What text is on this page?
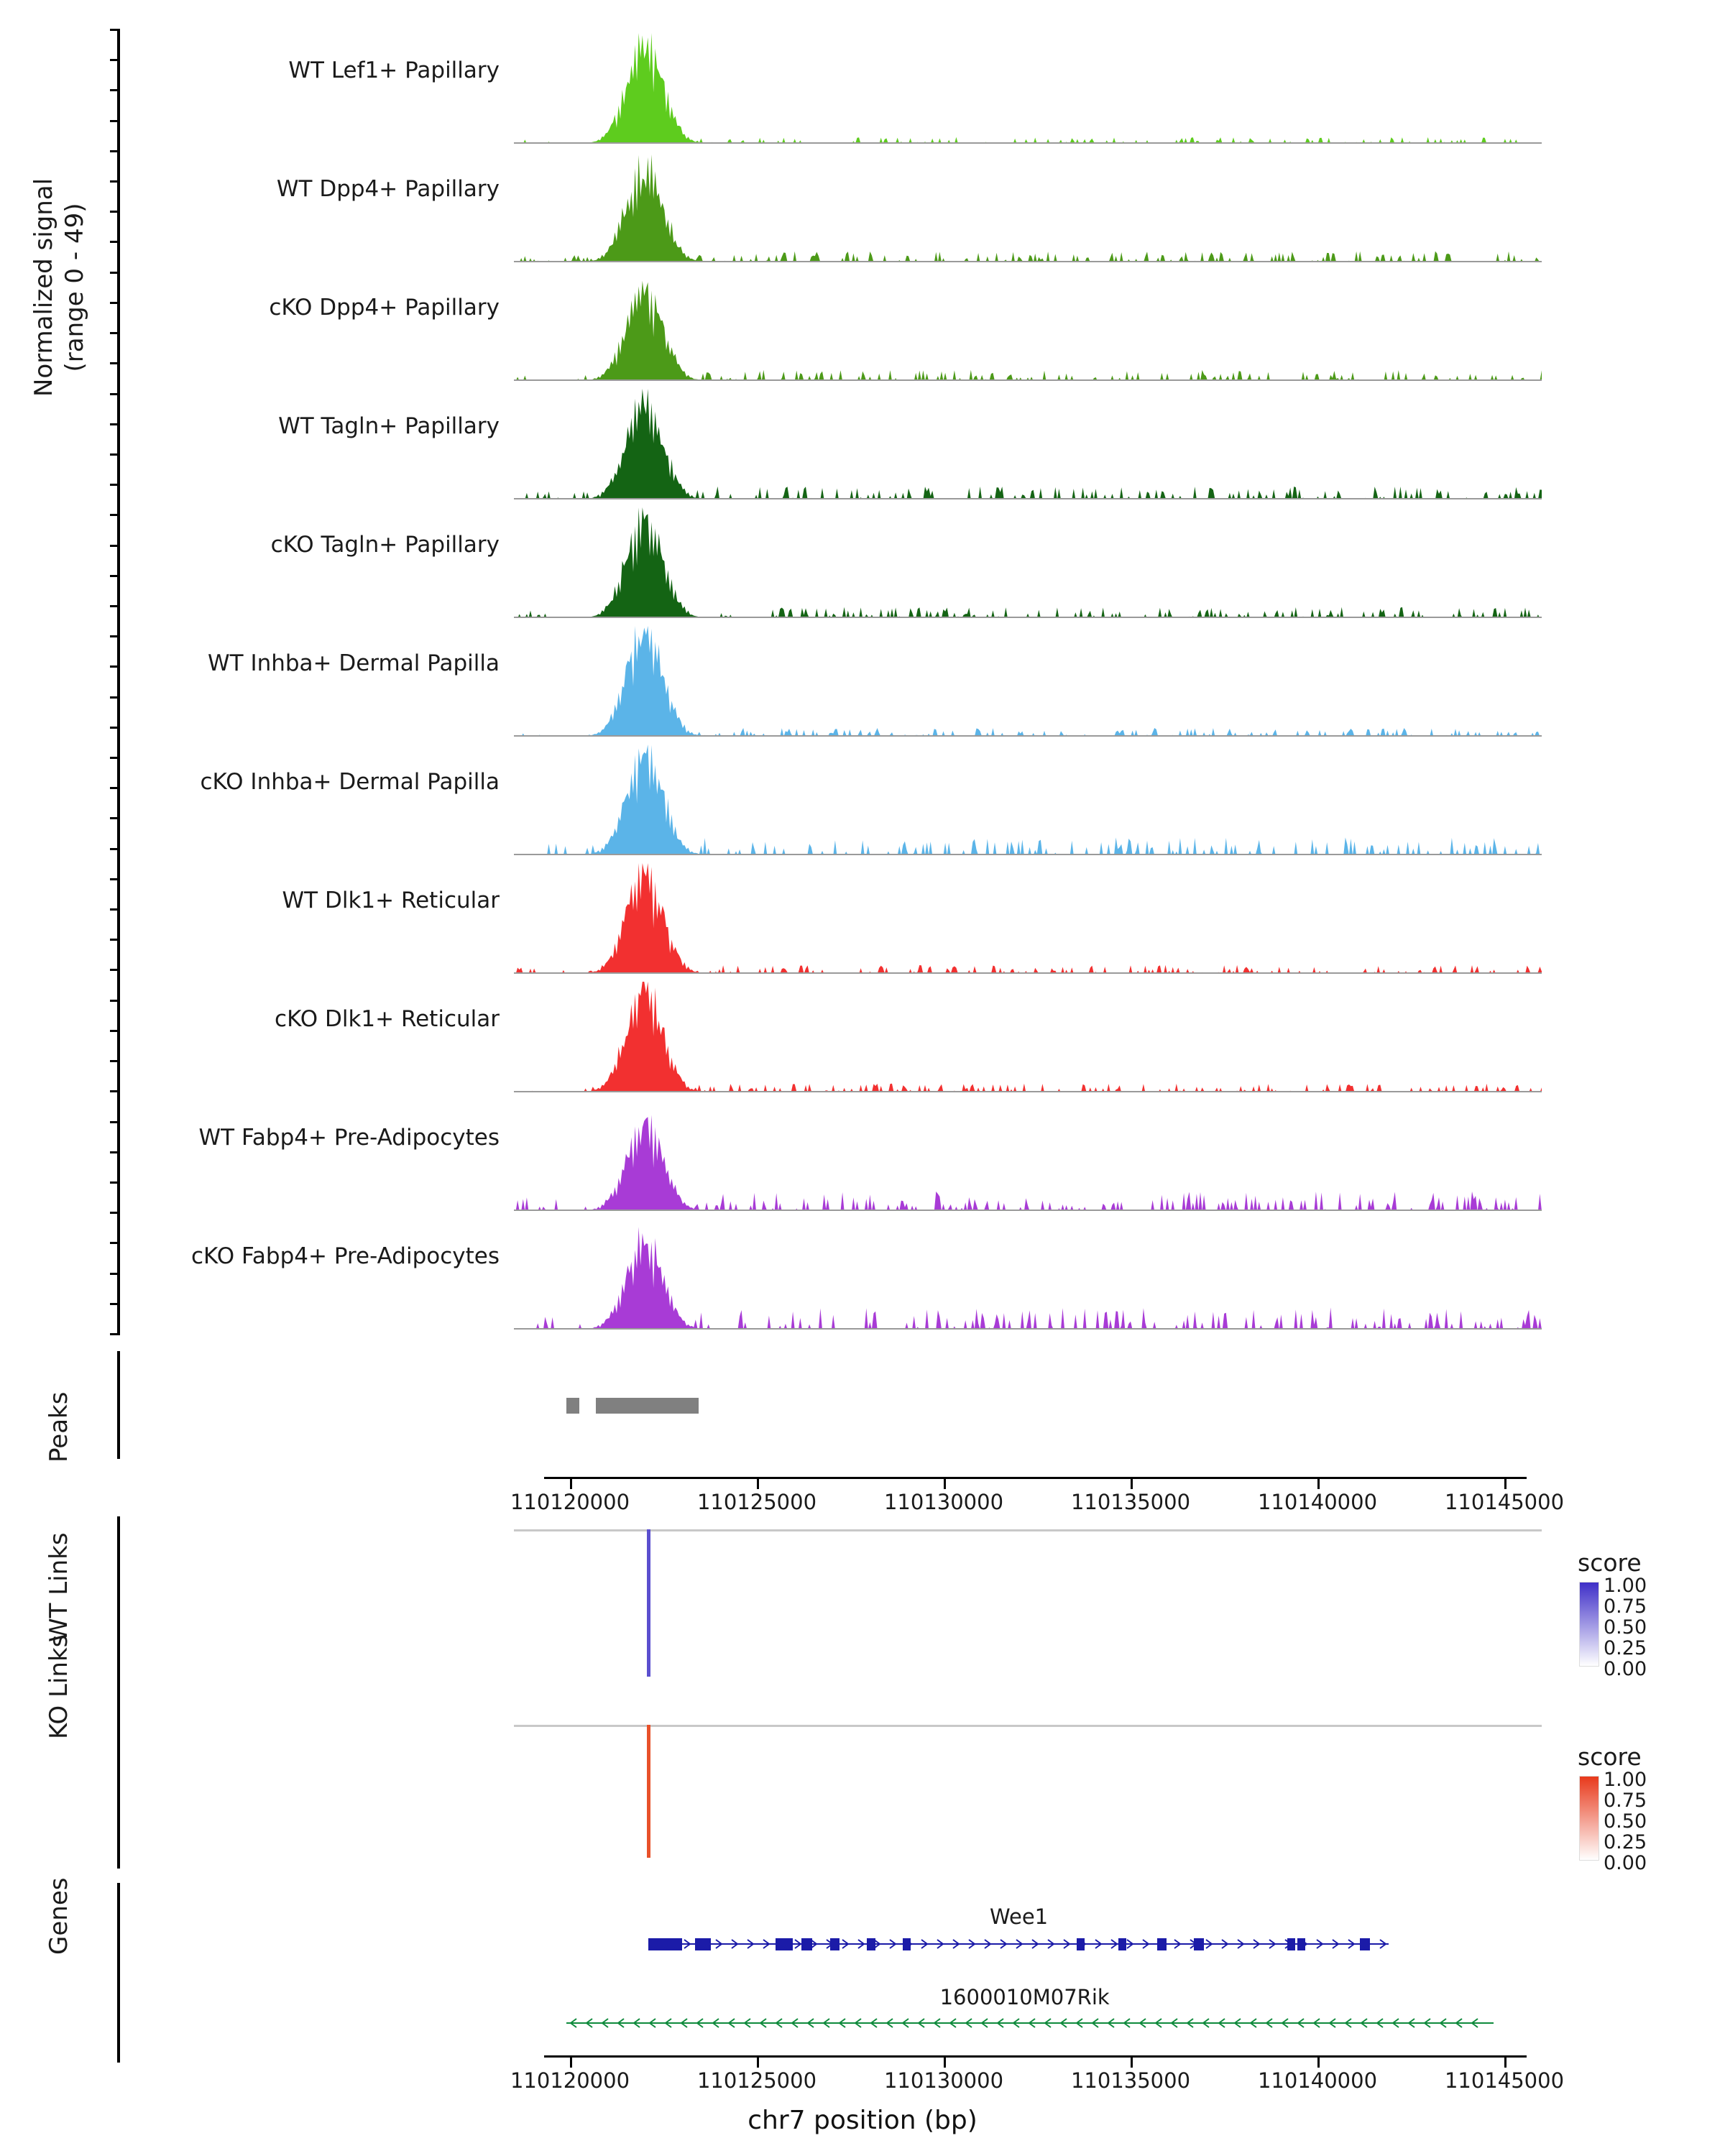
Normalized signal (range 0 - 49)
WT Lef1+ Papillary
WT Dpp4+ Papillary
cKO Dpp4+ Papillary
WT Tagln+ Papillary
cKO Tagln+ Papillary
WT Inhba+ Dermal Papilla
cKO Inhba+ Dermal Papilla
WT Dlk1+ Reticular
cKO Dlk1+ Reticular
WT Fabp4+ Pre-Adipocytes
cKO Fabp4+ Pre-Adipocytes
Peaks
110120000	110125000	110130000	110135000	110140000	110145000
WT Links
KO Links
score
1.00
0.75
0.50
0.25
0.00
score
1.00
0.75
0.50
0.25
0.00
Genes	Wee1
1600010M07Rik
110120000	110125000	110130000	110135000	110140000	110145000
chr7 position (bp)
